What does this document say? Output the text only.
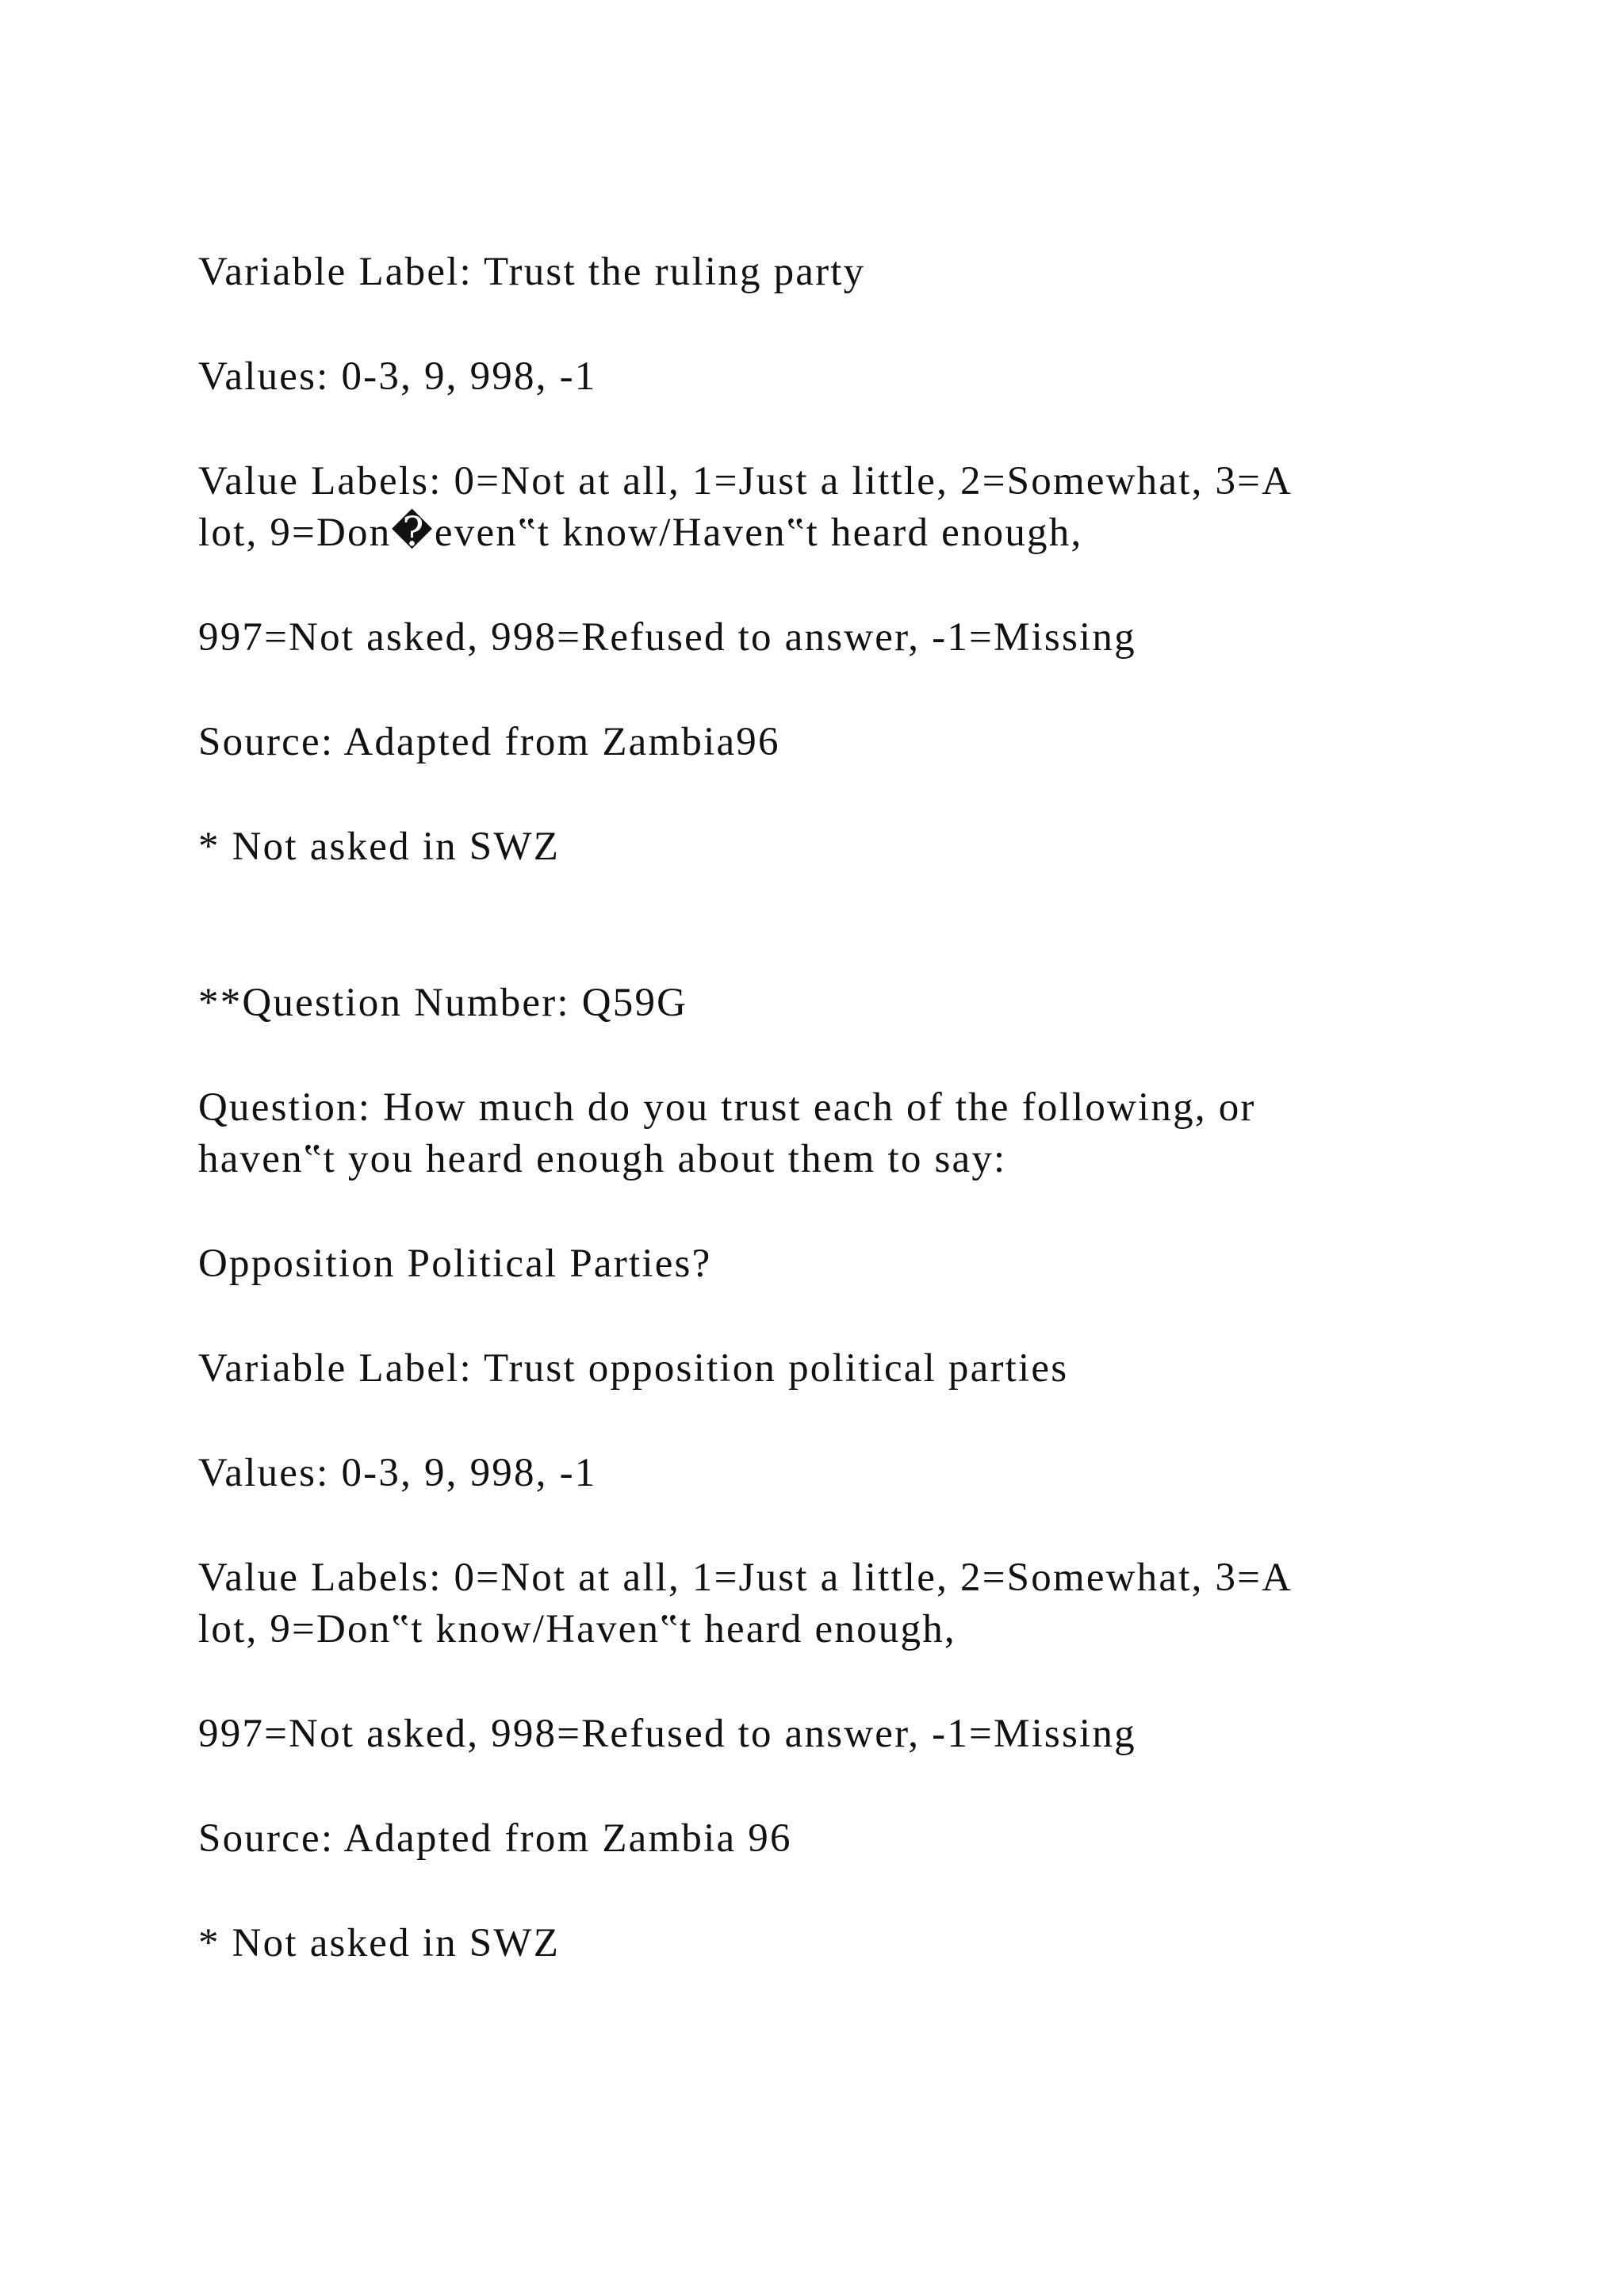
Variable Label: Trust the ruling party
Values: 0-3, 9, 998, -1
Value Labels: 0=Not at all, 1=Just a little, 2=Somewhat, 3=A
lot, 9=Don�even‟t know/Haven‟t heard enough,
997=Not asked, 998=Refused to answer, -1=Missing
Source: Adapted from Zambia96
* Not asked in SWZ
**Question Number: Q59G
Question: How much do you trust each of the following, or
haven‟t you heard enough about them to say:
Opposition Political Parties?
Variable Label: Trust opposition political parties
Values: 0-3, 9, 998, -1
Value Labels: 0=Not at all, 1=Just a little, 2=Somewhat, 3=A
lot, 9=Don‟t know/Haven‟t heard enough,
997=Not asked, 998=Refused to answer, -1=Missing
Source: Adapted from Zambia 96
* Not asked in SWZ
